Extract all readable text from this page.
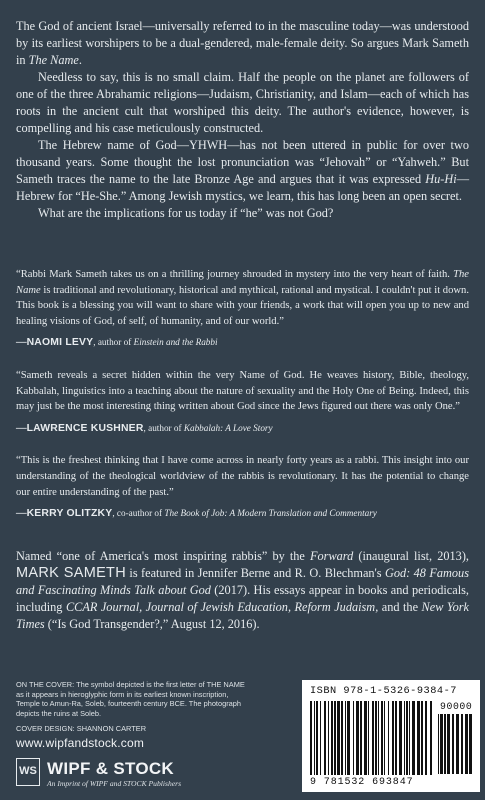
The God of ancient Israel—universally referred to in the masculine today—was understood by its earliest worshipers to be a dual-gendered, male-female deity. So argues Mark Sameth in The Name.

Needless to say, this is no small claim. Half the people on the planet are followers of one of the three Abrahamic religions—Judaism, Christianity, and Islam—each of which has roots in the ancient cult that worshiped this deity. The author's evidence, however, is compelling and his case meticulously constructed.

The Hebrew name of God—YHWH—has not been uttered in public for over two thousand years. Some thought the lost pronunciation was “Jehovah” or “Yahweh.” But Sameth traces the name to the late Bronze Age and argues that it was expressed Hu-Hi—Hebrew for “He-She.” Among Jewish mystics, we learn, this has long been an open secret.

What are the implications for us today if “he” was not God?

“Rabbi Mark Sameth takes us on a thrilling journey shrouded in mystery into the very heart of faith. The Name is traditional and revolutionary, historical and mythical, rational and mystical. I couldn't put it down. This book is a blessing you will want to share with your friends, a work that will open you up to new and healing visions of God, of self, of humanity, and of our world.”

—NAOMI LEVY, author of Einstein and the Rabbi

“Sameth reveals a secret hidden within the very Name of God. He weaves history, Bible, theology, Kabbalah, linguistics into a teaching about the nature of sexuality and the Holy One of Being. Indeed, this may just be the most interesting thing written about God since the Jews figured out there was only One.”

—LAWRENCE KUSHNER, author of Kabbalah: A Love Story

“This is the freshest thinking that I have come across in nearly forty years as a rabbi. This insight into our understanding of the theological worldview of the rabbis is revolutionary. It has the potential to change our entire understanding of the past.”

—KERRY OLITZKY, co-author of The Book of Job: A Modern Translation and Commentary

Named “one of America's most inspiring rabbis” by the Forward (inaugural list, 2013), MARK SAMETH is featured in Jennifer Berne and R. O. Blechman's God: 48 Famous and Fascinating Minds Talk about God (2017). His essays appear in books and periodicals, including CCAR Journal, Journal of Jewish Education, Reform Judaism, and the New York Times (“Is God Transgender?,” August 12, 2016).

ON THE COVER: The symbol depicted is the first letter of THE NAME as it appears in hieroglyphic form in its earliest known inscription, Temple to Amun-Ra, Soleb, fourteenth century BCE. The photograph depicts the ruins at Soleb.

COVER DESIGN: SHANNON CARTER
www.wipfandstock.com
WS WIPF & STOCK
An Imprint of WIPF and STOCK Publishers
ISBN 978-1-5326-9384-7
90000
9 781532 693847
